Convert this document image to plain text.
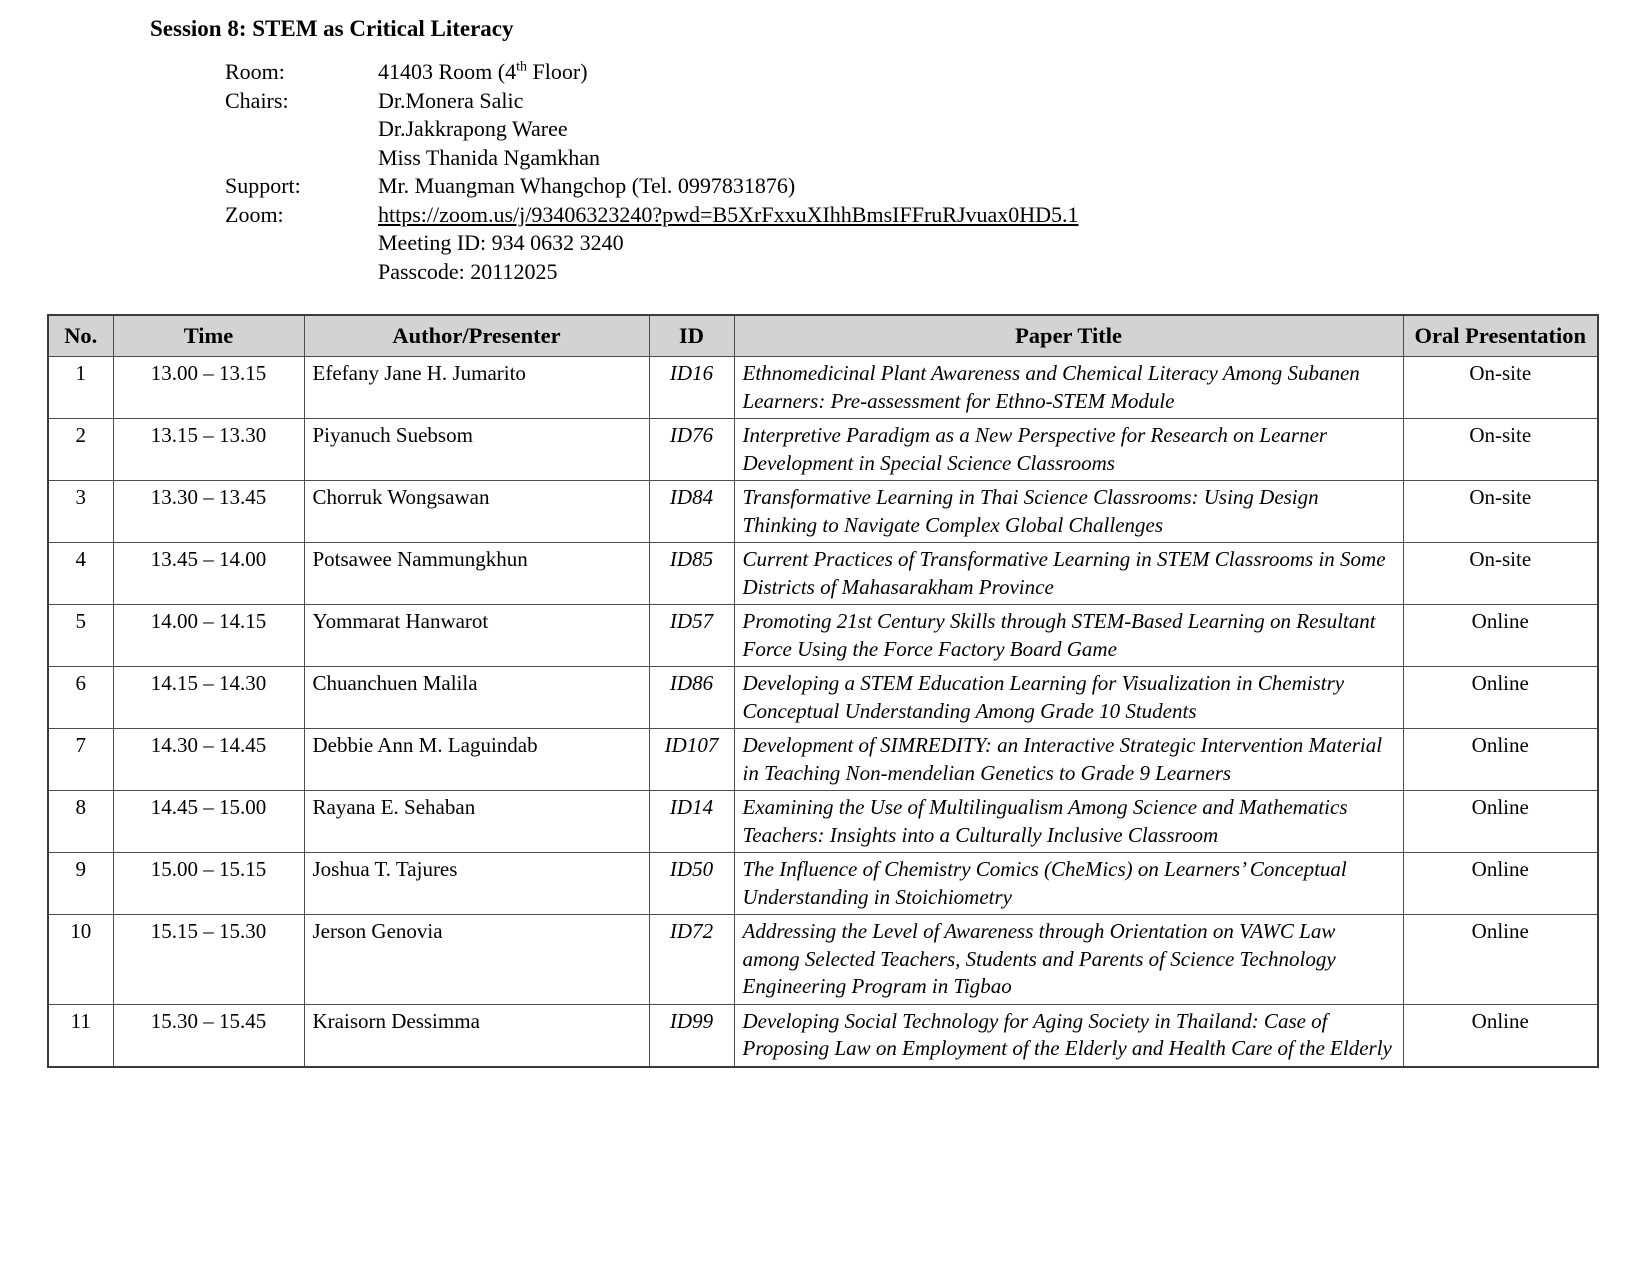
Session 8: STEM as Critical Literacy
Room:	41403 Room (4th Floor)
Chairs:	Dr.Monera Salic
Dr.Jakkrapong Waree
Miss Thanida Ngamkhan
Support:	Mr. Muangman Whangchop (Tel. 0997831876)
Zoom:	https://zoom.us/j/93406323240?pwd=B5XrFxxuXIhhBmsIFFruRJvuax0HD5.1
Meeting ID: 934 0632 3240
Passcode: 20112025
No.	Time	Author/Presenter	ID	Paper Title	Oral Presentation
1	13.00 – 13.15	Efefany Jane H. Jumarito	ID16	Ethnomedicinal Plant Awareness and Chemical Literacy Among Subanen Learners: Pre-assessment for Ethno-STEM Module	On-site
2	13.15 – 13.30	Piyanuch Suebsom	ID76	Interpretive Paradigm as a New Perspective for Research on Learner Development in Special Science Classrooms	On-site
3	13.30 – 13.45	Chorruk Wongsawan	ID84	Transformative Learning in Thai Science Classrooms: Using Design Thinking to Navigate Complex Global Challenges	On-site
4	13.45 – 14.00	Potsawee Nammungkhun	ID85	Current Practices of Transformative Learning in STEM Classrooms in Some Districts of Mahasarakham Province	On-site
5	14.00 – 14.15	Yommarat Hanwarot	ID57	Promoting 21st Century Skills through STEM-Based Learning on Resultant Force Using the Force Factory Board Game	Online
6	14.15 – 14.30	Chuanchuen Malila	ID86	Developing a STEM Education Learning for Visualization in Chemistry Conceptual Understanding Among Grade 10 Students	Online
7	14.30 – 14.45	Debbie Ann M. Laguindab	ID107	Development of SIMREDITY: an Interactive Strategic Intervention Material in Teaching Non-mendelian Genetics to Grade 9 Learners	Online
8	14.45 – 15.00	Rayana E. Sehaban	ID14	Examining the Use of Multilingualism Among Science and Mathematics Teachers: Insights into a Culturally Inclusive Classroom	Online
9	15.00 – 15.15	Joshua T. Tajures	ID50	The Influence of Chemistry Comics (CheMics) on Learners’ Conceptual Understanding in Stoichiometry	Online
10	15.15 – 15.30	Jerson Genovia	ID72	Addressing the Level of Awareness through Orientation on VAWC Law among Selected Teachers, Students and Parents of Science Technology Engineering Program in Tigbao	Online
11	15.30 – 15.45	Kraisorn Dessimma	ID99	Developing Social Technology for Aging Society in Thailand: Case of Proposing Law on Employment of the Elderly and Health Care of the Elderly	Online
